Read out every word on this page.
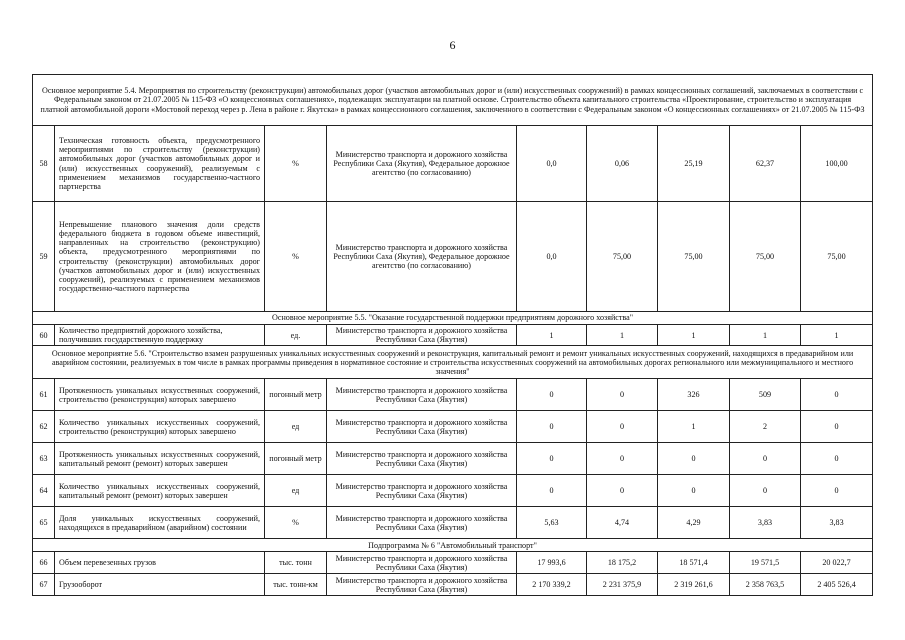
6
Основное мероприятие 5.4. Мероприятия по строительству (реконструкции) автомобильных дорог (участков автомобильных дорог и (или) искусственных сооружений) в рамках концессионных соглашений, заключаемых в соответствии с Федеральным законом от 21.07.2005 № 115-ФЗ «О концессионных соглашениях», подлежащих эксплуатации на платной основе. Строительство объекта капитального строительства «Проектирование, строительство и эксплуатация платной автомобильной дороги «Мостовой переход через р. Лена в районе г. Якутска» в рамках концессионного соглашения, заключенного в соответствии с Федеральным законом «О концессионных соглашениях» от 21.07.2005 № 115-ФЗ								
58	Техническая готовность объекта, предусмотренного мероприятиями по строительству (реконструкции) автомобильных дорог (участков автомобильных дорог и (или) искусственных сооружений), реализуемым с применением механизмов государственно-частного партнерства	%	Министерство транспорта и дорожного хозяйства Республики Саха (Якутия), Федеральное дорожное агентство (по согласованию)	0,0	0,06	25,19	62,37	100,00
59	Непревышение планового значения доли средств федерального бюджета в годовом объеме инвестиций, направленных на строительство (реконструкцию) объекта, предусмотренного мероприятиями по строительству (реконструкции) автомобильных дорог (участков автомобильных дорог и (или) искусственных сооружений), реализуемых с применением механизмов государственно-частного партнерства	%	Министерство транспорта и дорожного хозяйства Республики Саха (Якутия), Федеральное дорожное агентство (по согласованию)	0,0	75,00	75,00	75,00	75,00
Основное мероприятие 5.5. "Оказание государственной поддержки предприятиям дорожного хозяйства"								
60	Количество предприятий дорожного хозяйства, получивших государственную поддержку	ед.	Министерство транспорта и дорожного хозяйства Республики Саха (Якутия)	1	1	1	1	1
Основное мероприятие 5.6. "Строительство взамен разрушенных уникальных искусственных сооружений и реконструкция, капитальный ремонт и ремонт уникальных искусственных сооружений, находящихся в предаварийном или аварийном состоянии, реализуемых в том числе в рамках программы приведения в нормативное состояние и строительства искусственных сооружений на автомобильных дорогах регионального или межмуниципального и местного значения"								
61	Протяженность уникальных искусственных сооружений, строительство (реконструкция) которых завершено	погонный метр	Министерство транспорта и дорожного хозяйства Республики Саха (Якутия)	0	0	326	509	0
62	Количество уникальных искусственных сооружений, строительство (реконструкция) которых завершено	ед	Министерство транспорта и дорожного хозяйства Республики Саха (Якутия)	0	0	1	2	0
63	Протяженность уникальных искусственных сооружений, капитальный ремонт (ремонт) которых завершен	погонный метр	Министерство транспорта и дорожного хозяйства Республики Саха (Якутия)	0	0	0	0	0
64	Количество уникальных искусственных сооружений, капитальный ремонт (ремонт) которых завершен	ед	Министерство транспорта и дорожного хозяйства Республики Саха (Якутия)	0	0	0	0	0
65	Доля уникальных искусственных сооружений, находящихся в предаварийном (аварийном) состоянии	%	Министерство транспорта и дорожного хозяйства Республики Саха (Якутия)	5,63	4,74	4,29	3,83	3,83
Подпрограмма № 6 "Автомобильный транспорт"								
66	Объем перевезенных грузов	тыс. тонн	Министерство транспорта и дорожного хозяйства Республики Саха (Якутия)	17 993,6	18 175,2	18 571,4	19 571,5	20 022,7
67	Грузооборот	тыс. тонн-км	Министерство транспорта и дорожного хозяйства Республики Саха (Якутия)	2 170 339,2	2 231 375,9	2 319 261,6	2 358 763,5	2 405 526,4
